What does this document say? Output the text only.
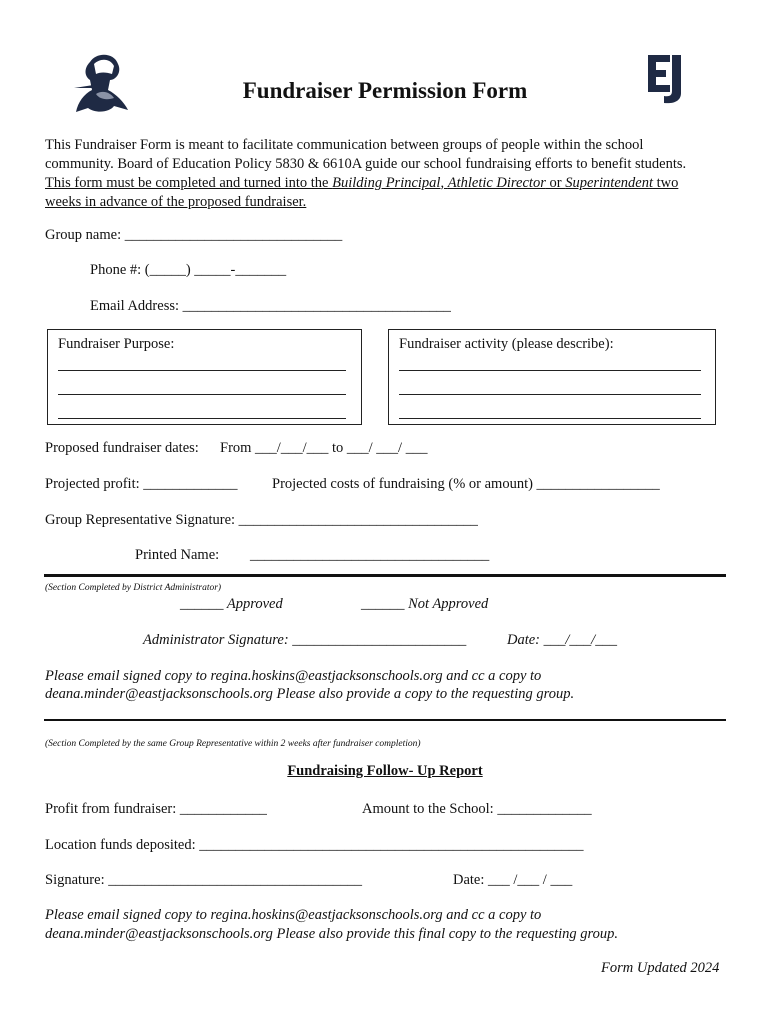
Fundraiser Permission Form
This Fundraiser Form is meant to facilitate communication between groups of people within the school
community. Board of Education Policy 5830 & 6610A guide our school fundraising efforts to benefit students.
This form must be completed and turned into the Building Principal, Athletic Director or Superintendent two
weeks in advance of the proposed fundraiser.
Group name: ______________________________
Phone #: (_____) _____-_______
Email Address: _____________________________________
Fundraiser Purpose:	Fundraiser activity (please describe):
Proposed fundraiser dates: From ___/___/___ to ___/ ___/ ___
Projected profit: _____________ Projected costs of fundraising (% or amount) _________________
Group Representative Signature: _________________________________
Printed Name: _________________________________
(Section Completed by District Administrator)
______ Approved	______ Not Approved
Administrator Signature: ________________________	Date: ___/___/___
Please email signed copy to regina.hoskins@eastjacksonschools.org and cc a copy to
deana.minder@eastjacksonschools.org Please also provide a copy to the requesting group.
(Section Completed by the same Group Representative within 2 weeks after fundraiser completion)
Fundraising Follow- Up Report
Profit from fundraiser: ____________	Amount to the School: _____________
Location funds deposited: _____________________________________________________
Signature: ___________________________________	Date: ___ /___ / ___
Please email signed copy to regina.hoskins@eastjacksonschools.org and cc a copy to
deana.minder@eastjacksonschools.org Please also provide this final copy to the requesting group.
Form Updated 2024
